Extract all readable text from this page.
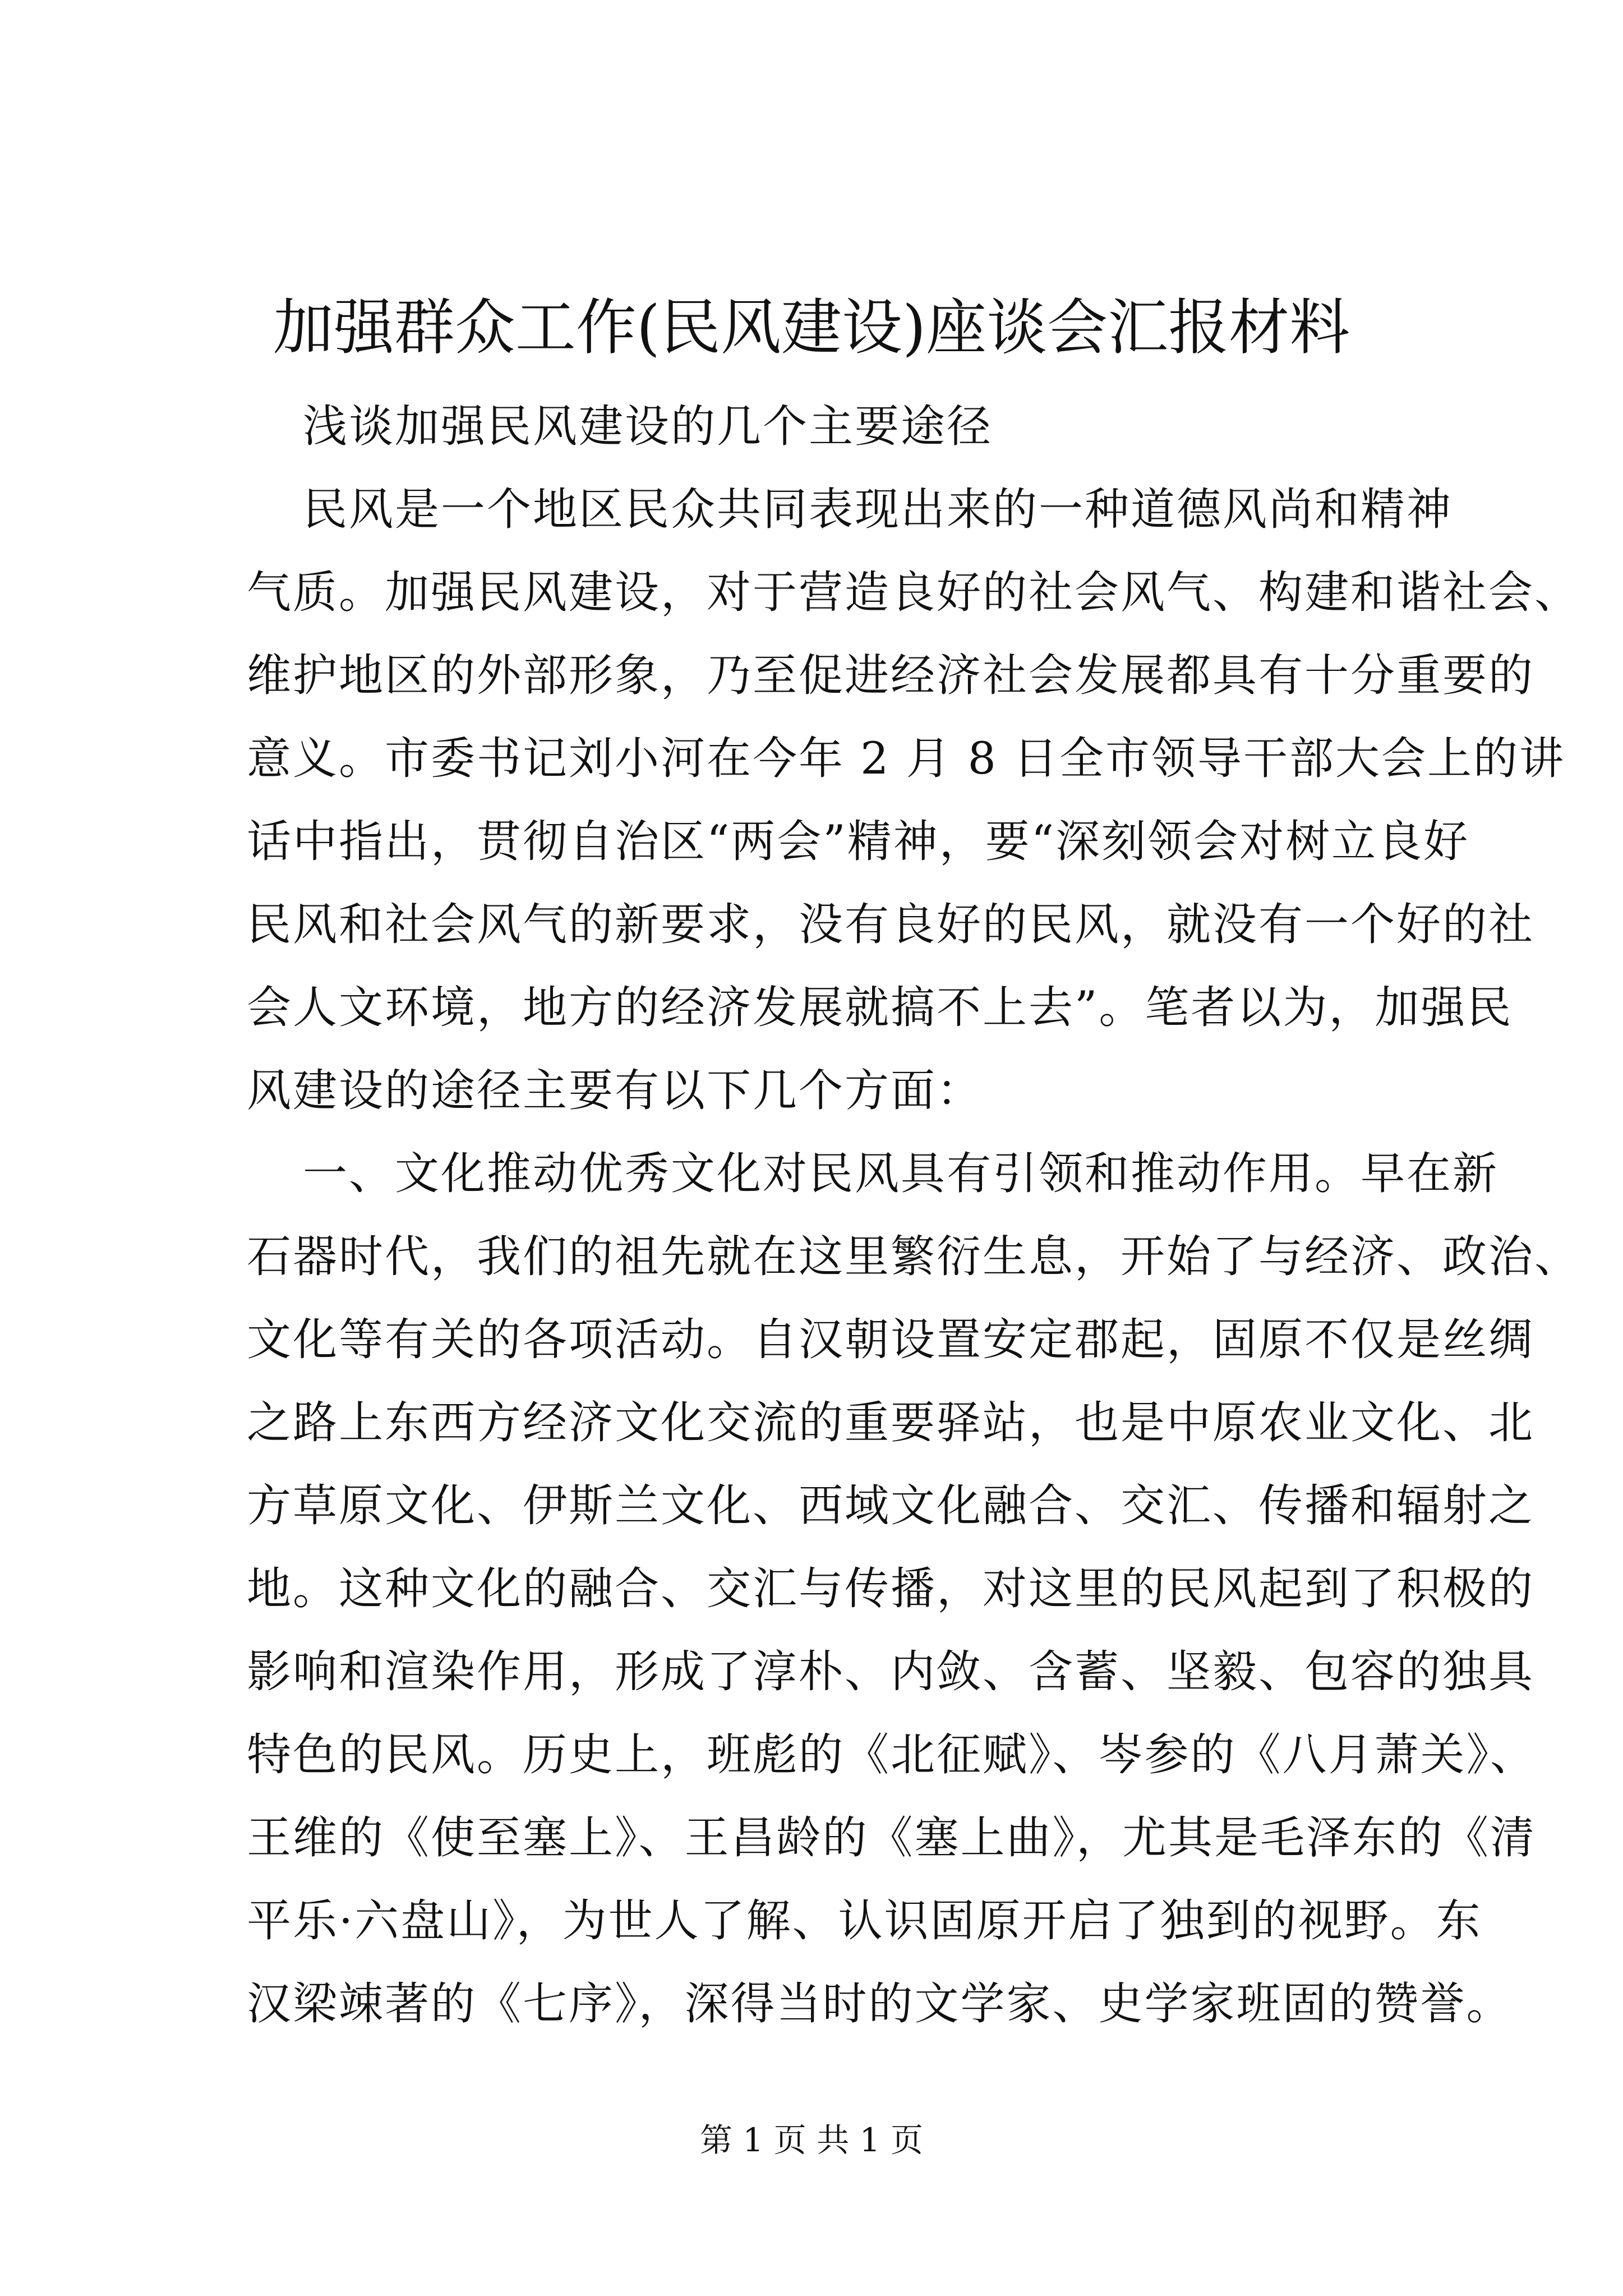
加强群众工作(民风建设)座谈会汇报材料
浅谈加强民风建设的几个主要途径
民风是一个地区民众共同表现出来的一种道德风尚和精神
气质。加强民风建设，对于营造良好的社会风气、构建和谐社会、
维护地区的外部形象，乃至促进经济社会发展都具有十分重要的
意义。市委书记刘小河在今年 2 月 8 日全市领导干部大会上的讲
话中指出，贯彻自治区“两会”精神，要“深刻领会对树立良好
民风和社会风气的新要求，没有良好的民风，就没有一个好的社
会人文环境，地方的经济发展就搞不上去”。笔者以为，加强民
风建设的途径主要有以下几个方面：
一、文化推动优秀文化对民风具有引领和推动作用。早在新
石器时代，我们的祖先就在这里繁衍生息，开始了与经济、政治、
文化等有关的各项活动。自汉朝设置安定郡起，固原不仅是丝绸
之路上东西方经济文化交流的重要驿站，也是中原农业文化、北
方草原文化、伊斯兰文化、西域文化融合、交汇、传播和辐射之
地。这种文化的融合、交汇与传播，对这里的民风起到了积极的
影响和渲染作用，形成了淳朴、内敛、含蓄、坚毅、包容的独具
特色的民风。历史上，班彪的《北征赋》、岑参的《八月萧关》、
王维的《使至塞上》、王昌龄的《塞上曲》，尤其是毛泽东的《清
平乐·六盘山》，为世人了解、认识固原开启了独到的视野。东
汉梁竦著的《七序》，深得当时的文学家、史学家班固的赞誉。
第 1 页 共 1 页
